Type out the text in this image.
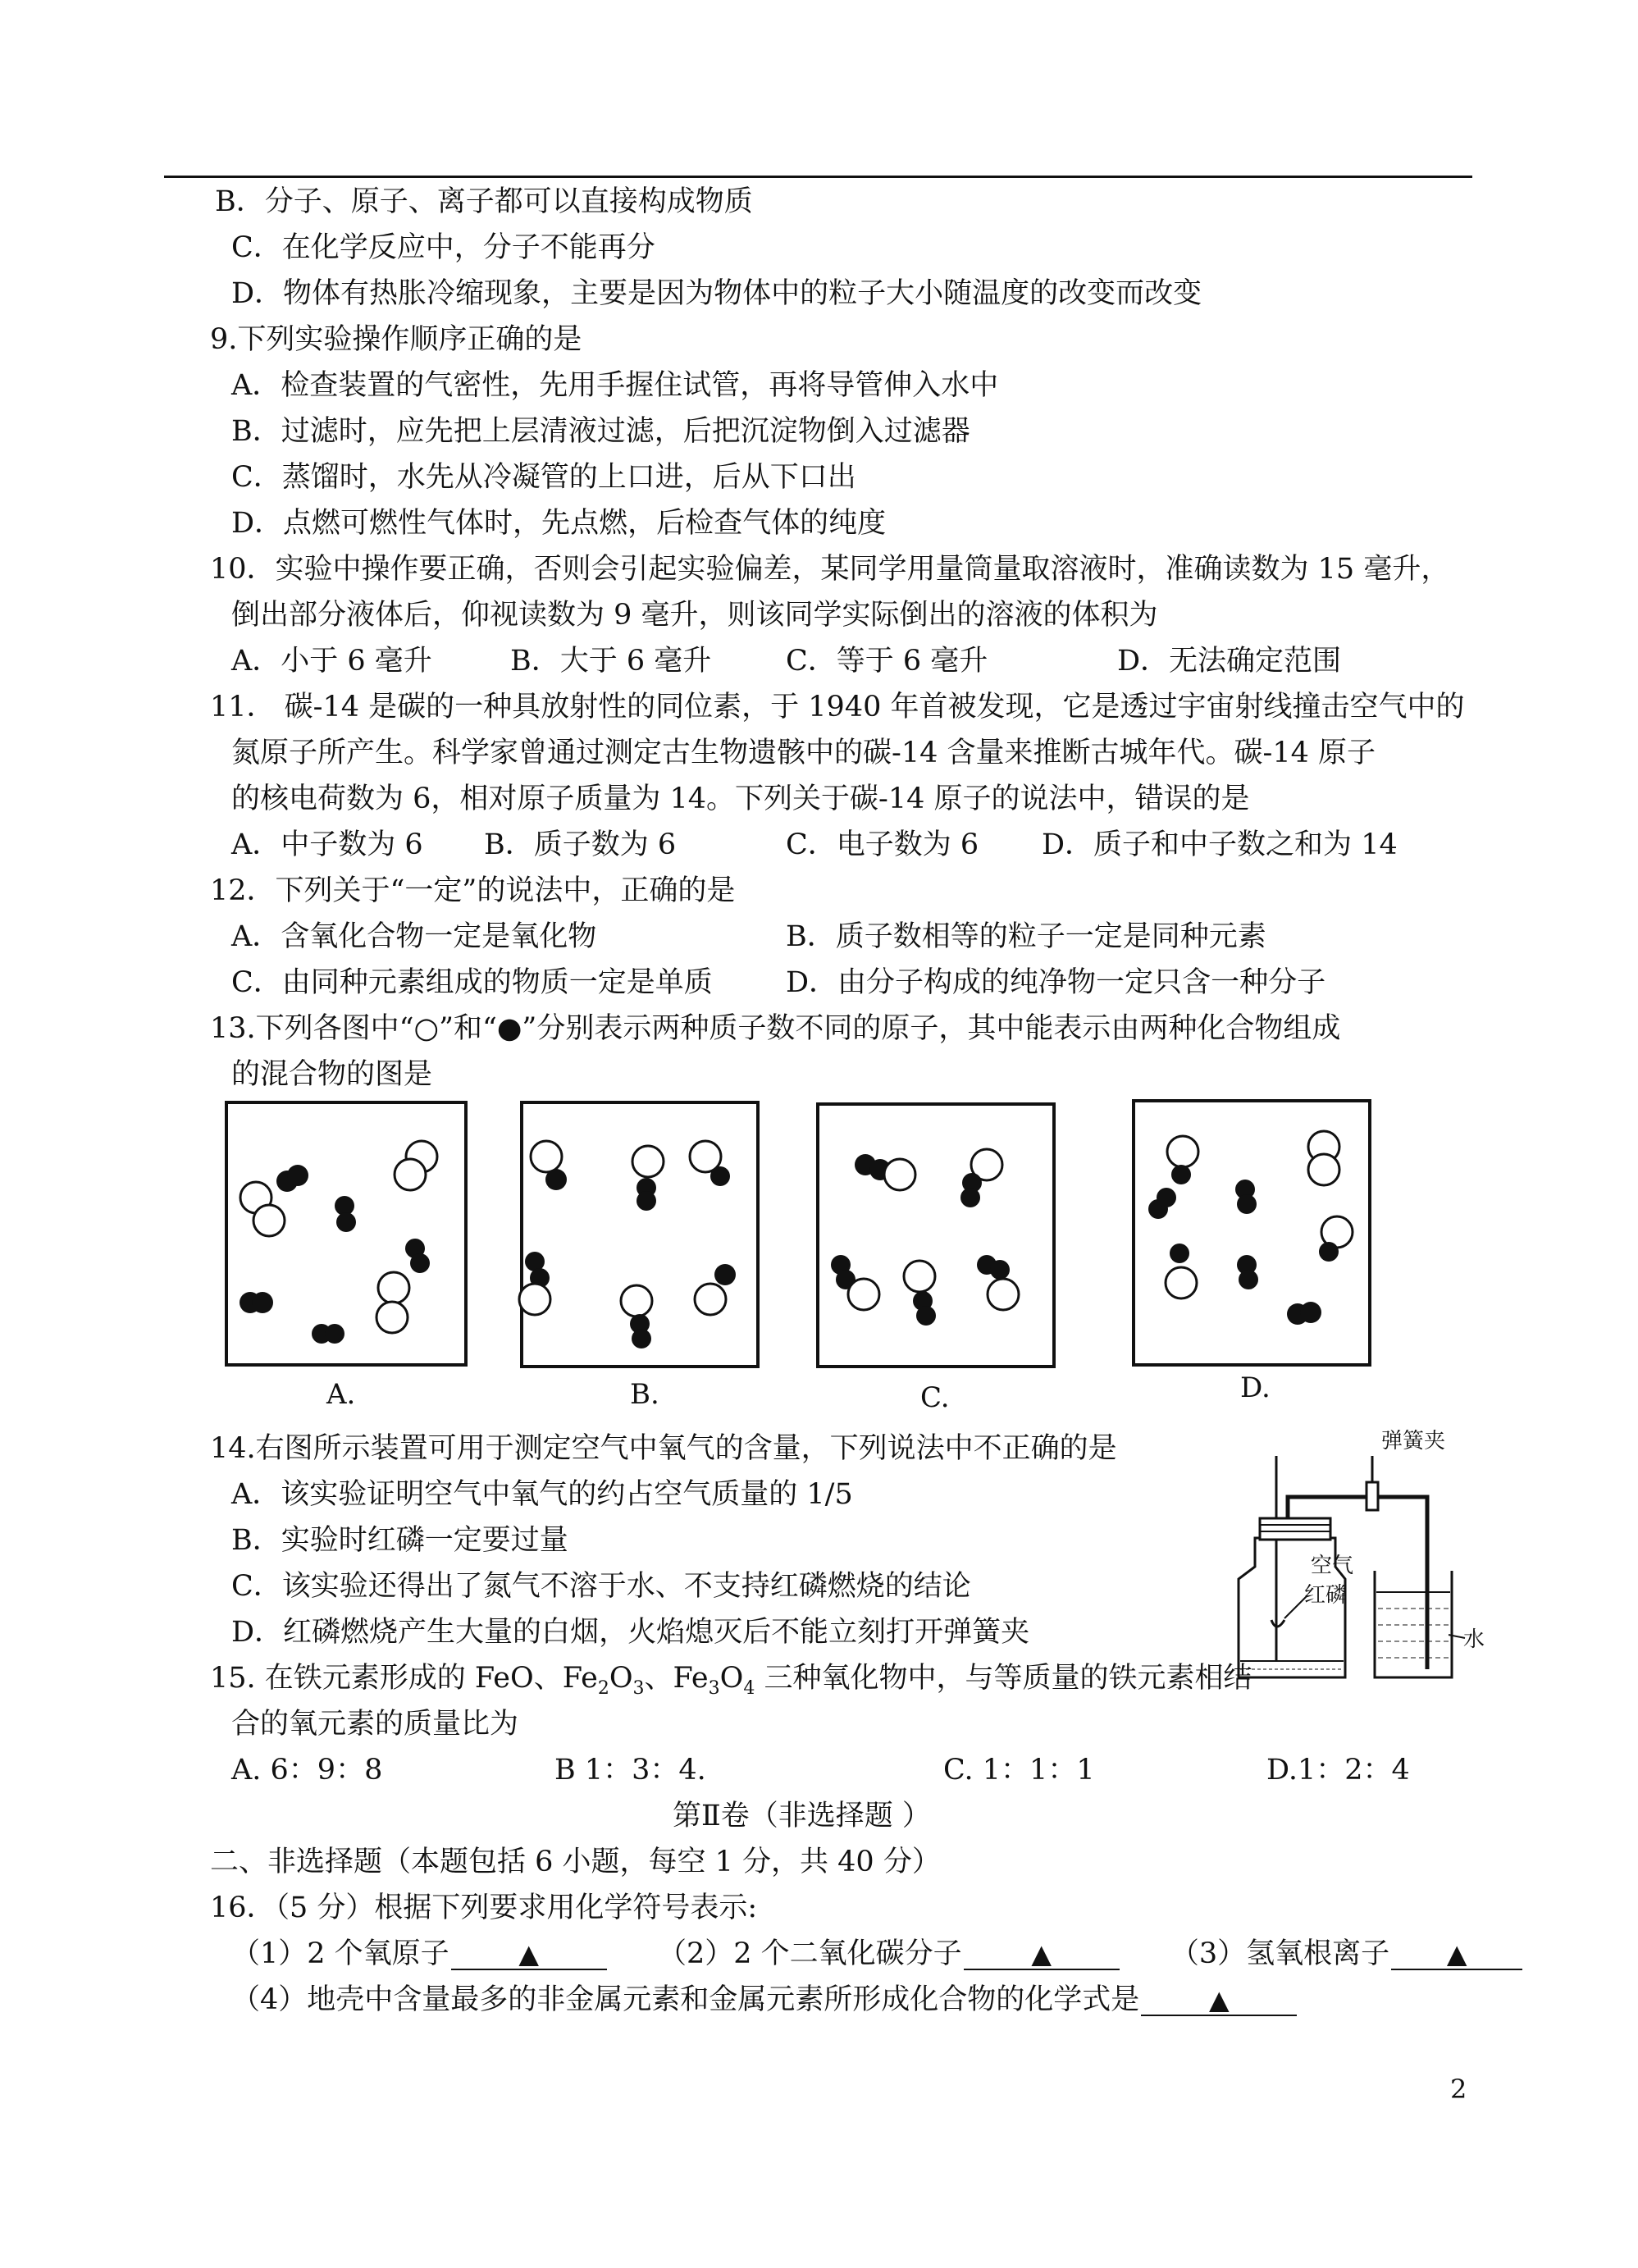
B．分子、原子、离子都可以直接构成物质
C．在化学反应中，分子不能再分
D．物体有热胀冷缩现象，主要是因为物体中的粒子大小随温度的改变而改变
9.下列实验操作顺序正确的是
A．检查装置的气密性，先用手握住试管，再将导管伸入水中
B．过滤时，应先把上层清液过滤，后把沉淀物倒入过滤器
C．蒸馏时，水先从冷凝管的上口进，后从下口出
D．点燃可燃性气体时，先点燃，后检查气体的纯度
10．实验中操作要正确，否则会引起实验偏差，某同学用量筒量取溶液时，准确读数为 15 毫升，
倒出部分液体后，仰视读数为 9 毫升，则该同学实际倒出的溶液的体积为
A．小于 6 毫升	B．大于 6 毫升	C．等于 6 毫升	D．无法确定范围
11． 碳-14 是碳的一种具放射性的同位素，于 1940 年首被发现，它是透过宇宙射线撞击空气中的
氮原子所产生。科学家曾通过测定古生物遗骸中的碳-14 含量来推断古城年代。碳-14 原子
的核电荷数为 6，相对原子质量为 14。下列关于碳-14 原子的说法中，错误的是
A．中子数为 6 B．质子数为 6	C．电子数为 6 D．质子和中子数之和为 14
12．下列关于“一定”的说法中，正确的是
A．含氧化合物一定是氧化物	B．质子数相等的粒子一定是同种元素
C．由同种元素组成的物质一定是单质	D．由分子构成的纯净物一定只含一种分子
13.下列各图中“○”和“●”分别表示两种质子数不同的原子，其中能表示由两种化合物组成
的混合物的图是
A.	B.	C.	D.
14.右图所示装置可用于测定空气中氧气的含量，下列说法中不正确的是
A．该实验证明空气中氧气的约占空气质量的 1/5
B．实验时红磷一定要过量
C．该实验还得出了氮气不溶于水、不支持红磷燃烧的结论
D．红磷燃烧产生大量的白烟，火焰熄灭后不能立刻打开弹簧夹
弹簧夹
空气
红磷
水
15. 在铁元素形成的 FeO、$Fe_2O_3$、$Fe_3O_4$ 三种氧化物中，与等质量的铁元素相结
合的氧元素的质量比为
A. 6：9：8	B 1：3：4.	C. 1：1：1	D.1：2：4
第Ⅱ卷（非选择题 ）
二、非选择题（本题包括 6 小题，每空 1 分，共 40 分）
16．（5 分）根据下列要求用化学符号表示:
（1）2 个氧原子	▲	（2）2 个二氧化碳分子	▲	（3）氢氧根离子 ▲
（4）地壳中含量最多的非金属元素和金属元素所形成化合物的化学式是	▲
2
